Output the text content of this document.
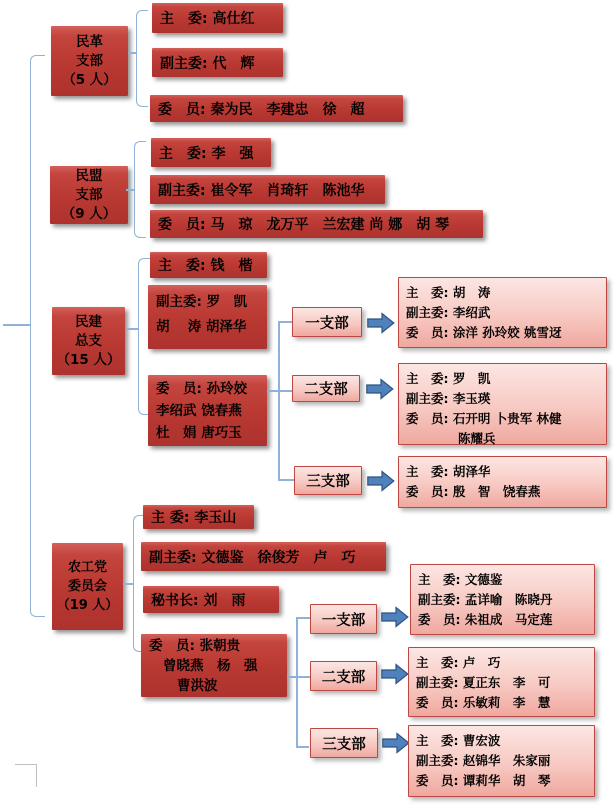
民革
支部
（5 人）
主　委: 高仕红
副主委: 代　辉
委　员: 秦为民　李建忠　徐　超
民盟
支部
（9 人）
主　委: 李　强
副主委: 崔令军　肖琦轩　陈池华
委　员: 马　琼　龙万平　兰宏建 尚 娜　胡 琴
民建
总支
（15 人）
主　委: 钱　楷
副主委: 罗　凯
胡　 涛 胡泽华
委　员: 孙玲姣
李绍武 饶春燕
杜　娟 唐巧玉
一支部
主　委: 胡　涛
副主委: 李绍武
委　员: 涂洋 孙玲姣 姚雪迓
二支部
主　委: 罗　凯
副主委: 李玉瑛
委　员: 石开明 卜贵军 林健
陈耀兵
三支部
主　委: 胡泽华
委　员: 殷　智　饶春燕
农工党
委员会
（19 人）
主 委: 李玉山
副主委: 文德鉴　徐俊芳　卢　巧
秘书长: 刘　雨
委　员: 张朝贵
曾晓燕　杨　强
曹洪波
一支部
主　委: 文德鉴
副主委: 孟详喻　陈晓丹
委　员: 朱祖成　马定莲
二支部
主　委: 卢　巧
副主委: 夏正东　李　可
委　员: 乐敏莉　李　慧
三支部	主　委: 曹宏波
副主委: 赵锦华　朱家丽
委　员: 谭莉华　胡　琴
